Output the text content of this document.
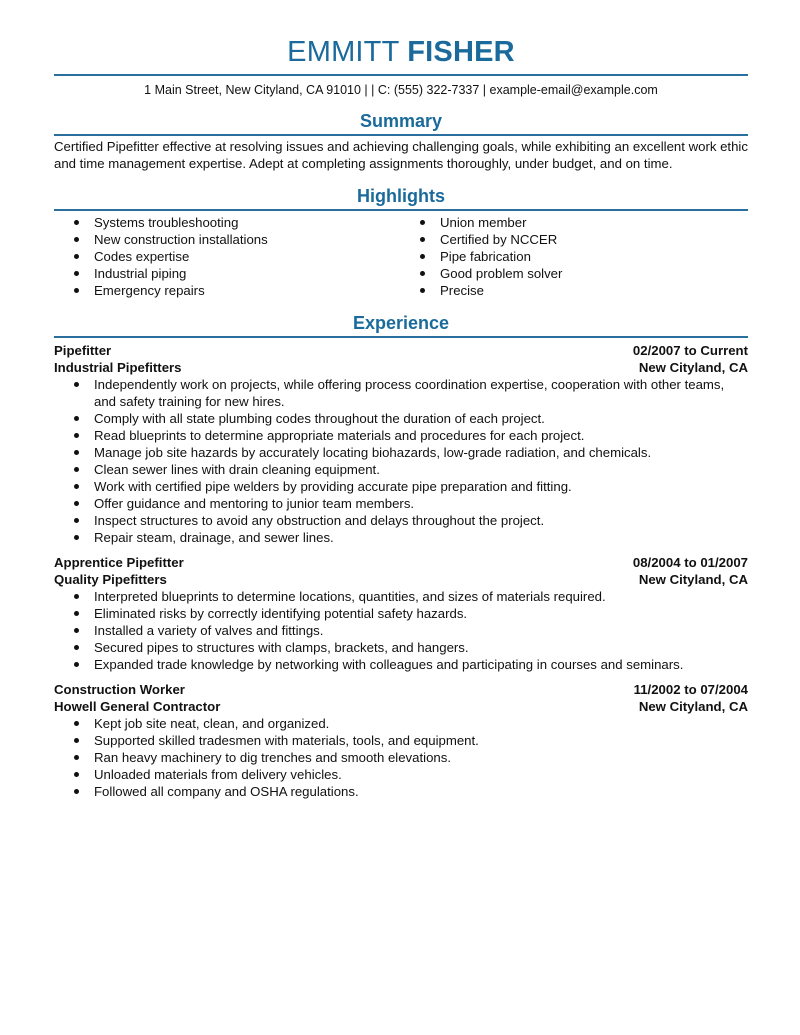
EMMITT FISHER
1 Main Street, New Cityland, CA 91010 | | C: (555) 322-7337 | example-email@example.com
Summary
Certified Pipefitter effective at resolving issues and achieving challenging goals, while exhibiting an excellent work ethic and time management expertise. Adept at completing assignments thoroughly, under budget, and on time.
Highlights
Systems troubleshooting
New construction installations
Codes expertise
Industrial piping
Emergency repairs
Union member
Certified by NCCER
Pipe fabrication
Good problem solver
Precise
Experience
Pipefitter	02/2007 to Current
Industrial Pipefitters	New Cityland, CA
Independently work on projects, while offering process coordination expertise, cooperation with other teams, and safety training for new hires.
Comply with all state plumbing codes throughout the duration of each project.
Read blueprints to determine appropriate materials and procedures for each project.
Manage job site hazards by accurately locating biohazards, low-grade radiation, and chemicals.
Clean sewer lines with drain cleaning equipment.
Work with certified pipe welders by providing accurate pipe preparation and fitting.
Offer guidance and mentoring to junior team members.
Inspect structures to avoid any obstruction and delays throughout the project.
Repair steam, drainage, and sewer lines.
Apprentice Pipefitter	08/2004 to 01/2007
Quality Pipefitters	New Cityland, CA
Interpreted blueprints to determine locations, quantities, and sizes of materials required.
Eliminated risks by correctly identifying potential safety hazards.
Installed a variety of valves and fittings.
Secured pipes to structures with clamps, brackets, and hangers.
Expanded trade knowledge by networking with colleagues and participating in courses and seminars.
Construction Worker	11/2002 to 07/2004
Howell General Contractor	New Cityland, CA
Kept job site neat, clean, and organized.
Supported skilled tradesmen with materials, tools, and equipment.
Ran heavy machinery to dig trenches and smooth elevations.
Unloaded materials from delivery vehicles.
Followed all company and OSHA regulations.
